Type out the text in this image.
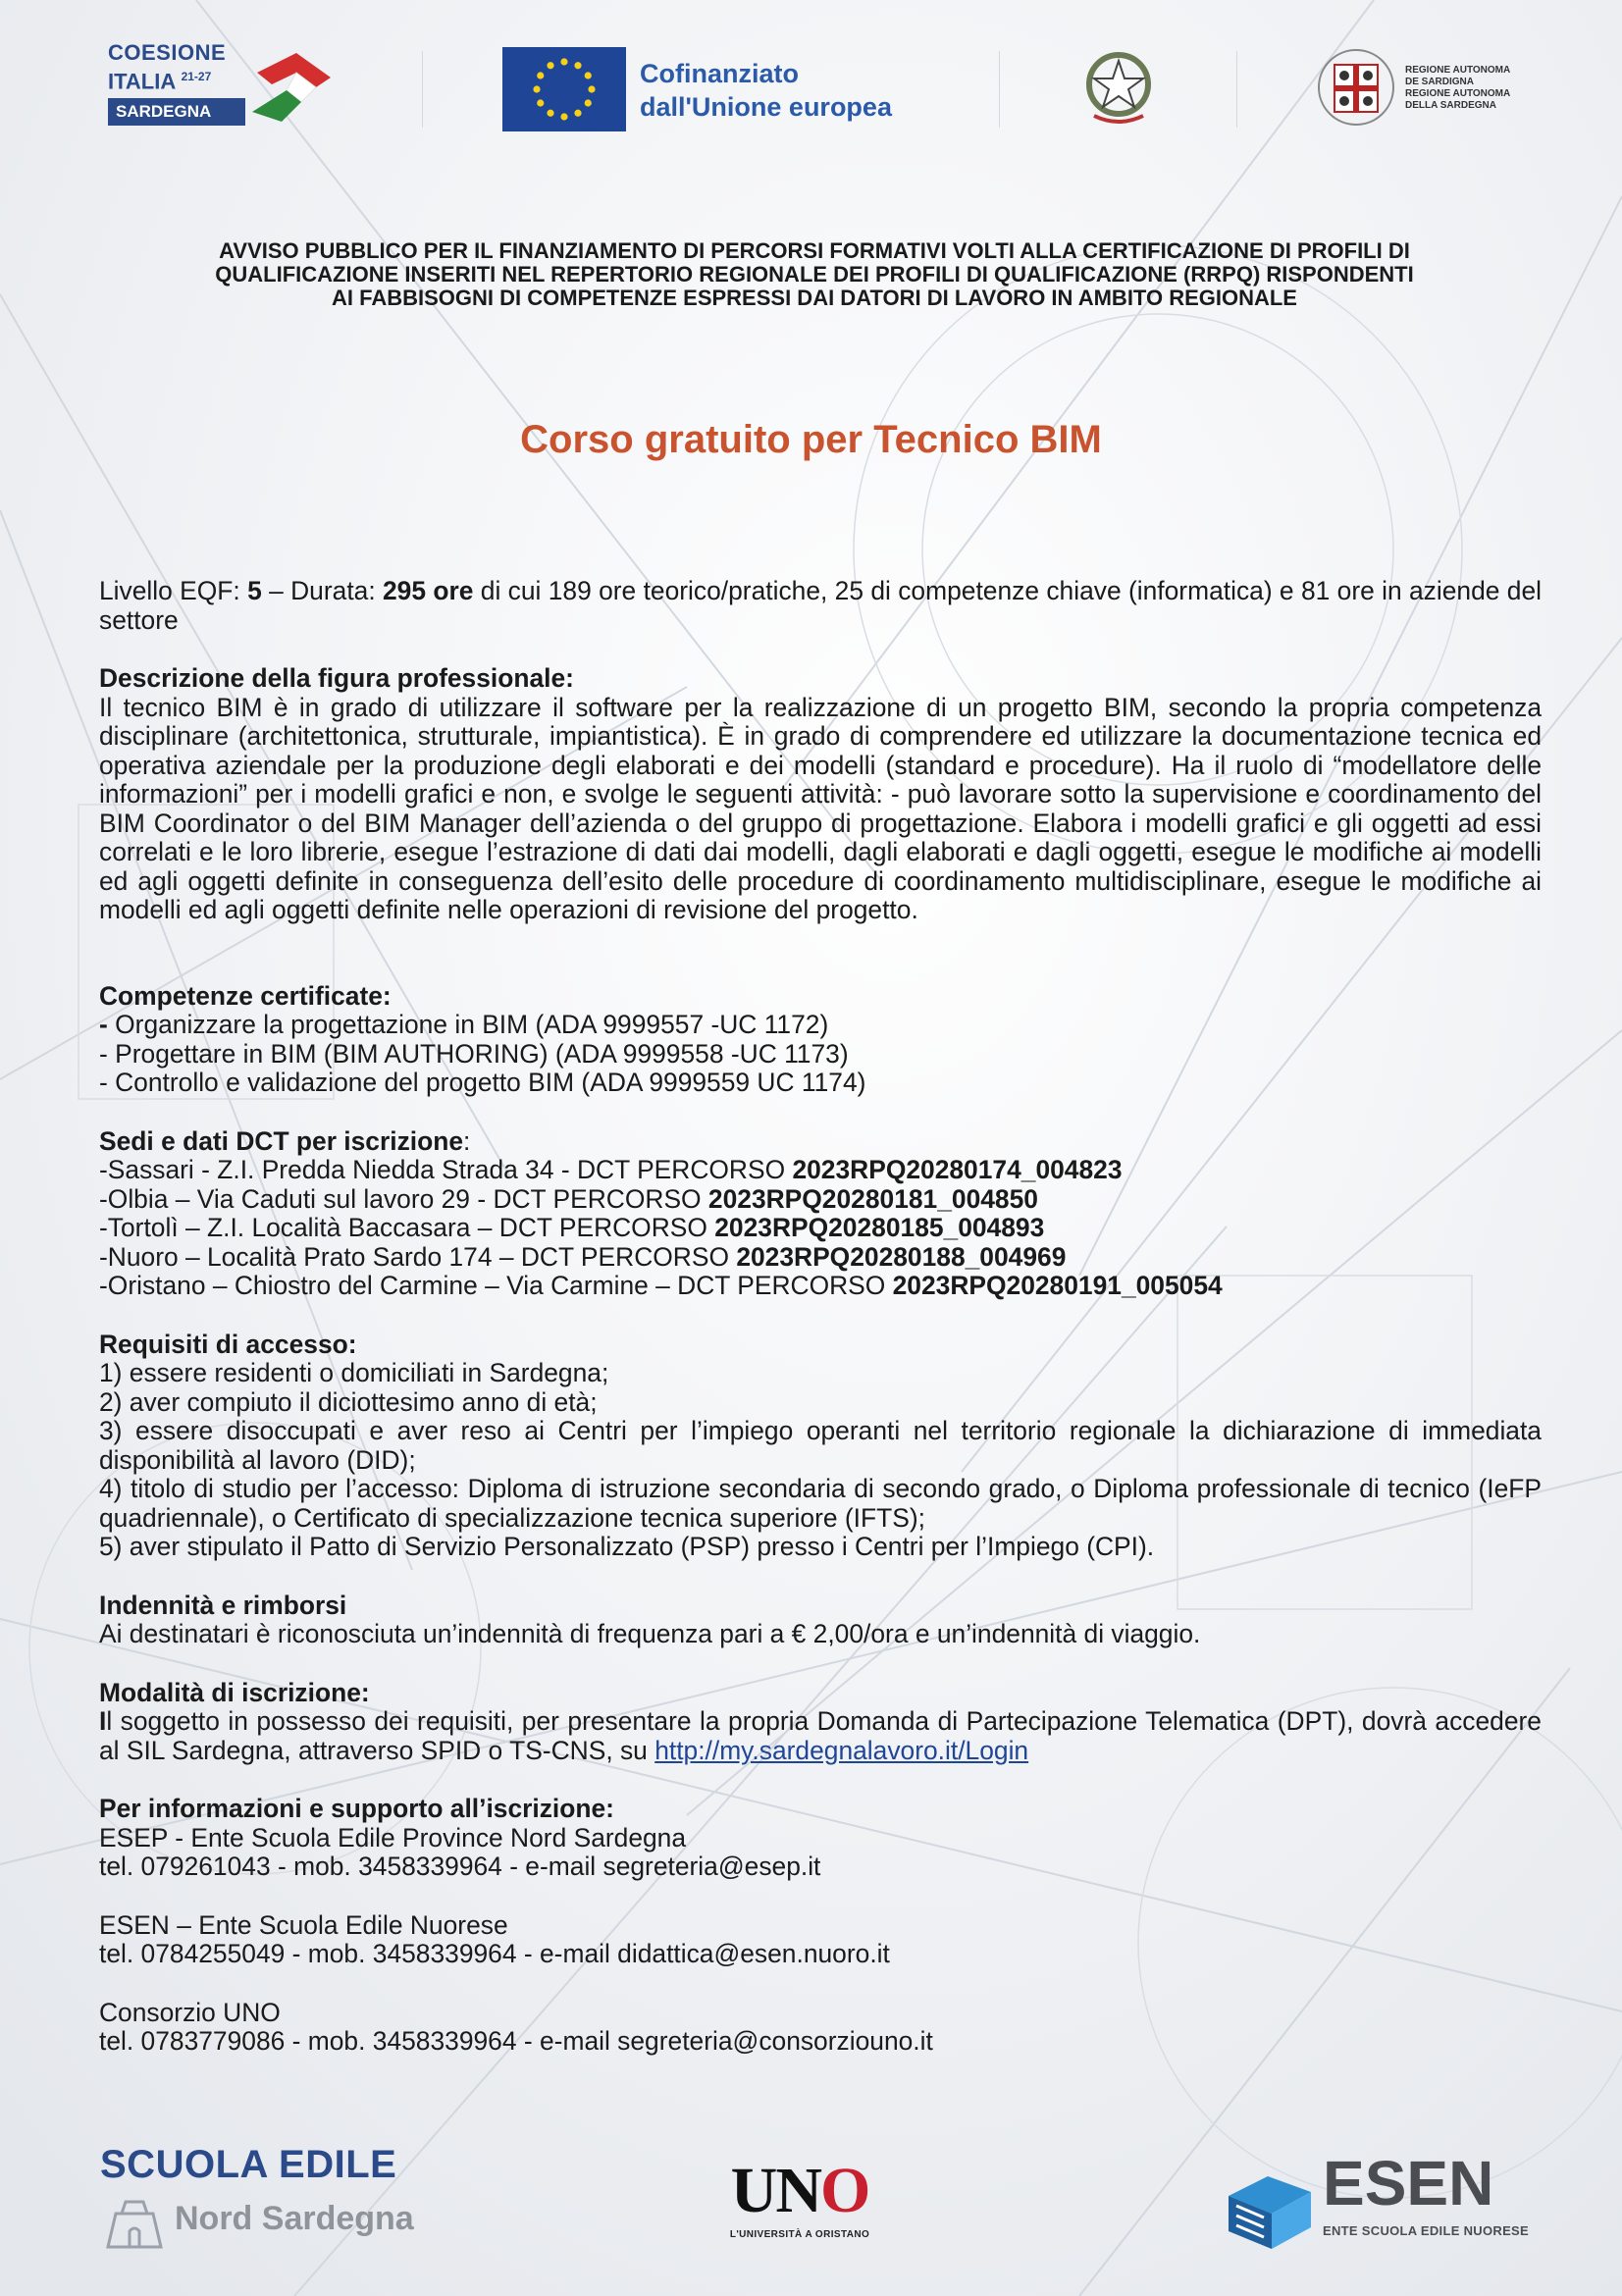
COESIONE
ITALIA $^{21-27}$
SARDEGNA
Cofinanziato
dall'Unione europea
REGIONE AUTONOMA
DE SARDIGNA
REGIONE AUTONOMA
DELLA SARDEGNA
AVVISO PUBBLICO PER IL FINANZIAMENTO DI PERCORSI FORMATIVI VOLTI ALLA CERTIFICAZIONE DI PROFILI DI
QUALIFICAZIONE INSERITI NEL REPERTORIO REGIONALE DEI PROFILI DI QUALIFICAZIONE (RRPQ) RISPONDENTI
AI FABBISOGNI DI COMPETENZE ESPRESSI DAI DATORI DI LAVORO IN AMBITO REGIONALE
Corso gratuito per Tecnico BIM

Livello EQF: 5 – Durata: 295 ore di cui 189 ore teorico/pratiche, 25 di competenze chiave (informatica) e 81 ore in aziende del settore

Descrizione della figura professionale:

Il tecnico BIM è in grado di utilizzare il software per la realizzazione di un progetto BIM, secondo la propria competenza disciplinare (architettonica, strutturale, impiantistica). È in grado di comprendere ed utilizzare la documentazione tecnica ed operativa aziendale per la produzione degli elaborati e dei modelli (standard e procedure). Ha il ruolo di “modellatore delle informazioni” per i modelli grafici e non, e svolge le seguenti attività: - può lavorare sotto la supervisione e coordinamento del BIM Coordinator o del BIM Manager dell’azienda o del gruppo di progettazione. Elabora i modelli grafici e gli oggetti ad essi correlati e le loro librerie, esegue l’estrazione di dati dai modelli, dagli elaborati e dagli oggetti, esegue le modifiche ai modelli ed agli oggetti definite in conseguenza dell’esito delle procedure di coordinamento multidisciplinare, esegue le modifiche ai modelli ed agli oggetti definite nelle operazioni di revisione del progetto.

Competenze certificate:

- Organizzare la progettazione in BIM (ADA 9999557 -UC 1172)

- Progettare in BIM (BIM AUTHORING) (ADA 9999558 -UC 1173)

- Controllo e validazione del progetto BIM (ADA 9999559 UC 1174)

Sedi e dati DCT per iscrizione:

-Sassari - Z.I. Predda Niedda Strada 34 - DCT PERCORSO 2023RPQ20280174_004823

-Olbia – Via Caduti sul lavoro 29 - DCT PERCORSO 2023RPQ20280181_004850

-Tortolì – Z.I. Località Baccasara – DCT PERCORSO 2023RPQ20280185_004893

-Nuoro – Località Prato Sardo 174 – DCT PERCORSO 2023RPQ20280188_004969

-Oristano – Chiostro del Carmine – Via Carmine – DCT PERCORSO 2023RPQ20280191_005054

Requisiti di accesso:

1) essere residenti o domiciliati in Sardegna;

2) aver compiuto il diciottesimo anno di età;

3) essere disoccupati e aver reso ai Centri per l’impiego operanti nel territorio regionale la dichiarazione di immediata disponibilità al lavoro (DID);

4) titolo di studio per l’accesso: Diploma di istruzione secondaria di secondo grado, o Diploma professionale di tecnico (IeFP quadriennale), o Certificato di specializzazione tecnica superiore (IFTS);

5) aver stipulato il Patto di Servizio Personalizzato (PSP) presso i Centri per l’Impiego (CPI).

Indennità e rimborsi

Ai destinatari è riconosciuta un’indennità di frequenza pari a € 2,00/ora e un’indennità di viaggio.

Modalità di iscrizione:

Il soggetto in possesso dei requisiti, per presentare la propria Domanda di Partecipazione Telematica (DPT), dovrà accedere al SIL Sardegna, attraverso SPID o TS-CNS, su http://my.sardegnalavoro.it/Login

Per informazioni e supporto all’iscrizione:

ESEP - Ente Scuola Edile Province Nord Sardegna

tel. 079261043 - mob. 3458339964 - e-mail segreteria@esep.it

ESEN – Ente Scuola Edile Nuorese

tel. 0784255049 - mob. 3458339964 - e-mail didattica@esen.nuoro.it

Consorzio UNO

tel. 0783779086 - mob. 3458339964 - e-mail segreteria@consorziouno.it

SCUOLA EDILE
Nord Sardegna	UNO
L'UNIVERSITÀ A ORISTANO
ESEN
ENTE SCUOLA EDILE NUORESE
